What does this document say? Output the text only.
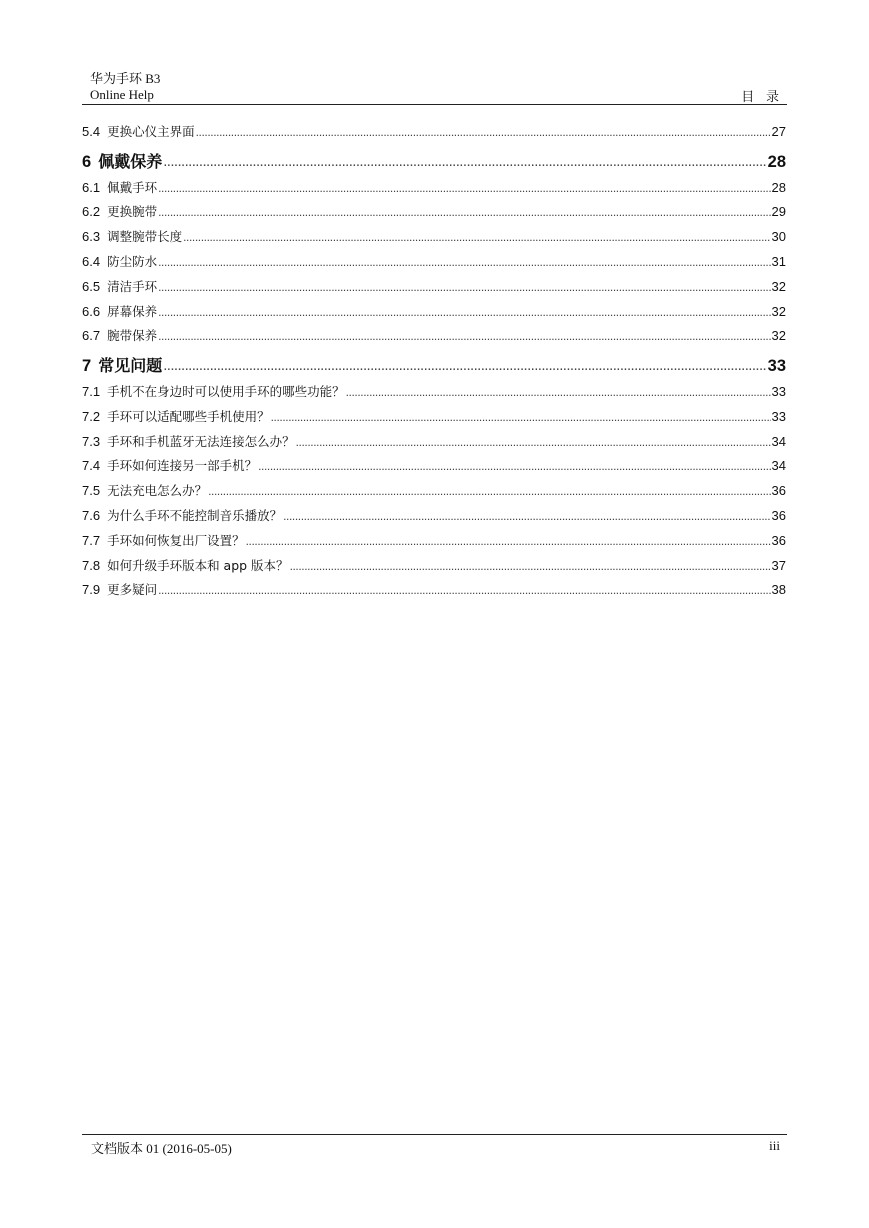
华为手环 B3
Online Help	目录
5.4 更换心仪主界面 .....	27
6 佩戴保养 .....	28
6.1 佩戴手环 .....	28
6.2 更换腕带 .....	29
6.3 调整腕带长度 .....	30
6.4 防尘防水 .....	31
6.5 清洁手环 .....	32
6.6 屏幕保养 .....	32
6.7 腕带保养 .....	32
7 常见问题 .....	33
7.1 手机不在身边时可以使用手环的哪些功能？ .....	33
7.2 手环可以适配哪些手机使用？ .....	33
7.3 手环和手机蓝牙无法连接怎么办？ .....	34
7.4 手环如何连接另一部手机？ .....	34
7.5 无法充电怎么办？ .....	36
7.6 为什么手环不能控制音乐播放？ .....	36
7.7 手环如何恢复出厂设置？ .....	36
7.8 如何升级手环版本和 app 版本？ .....	37
7.9 更多疑问 .....	38
文档版本 01 (2016-05-05)	iii
